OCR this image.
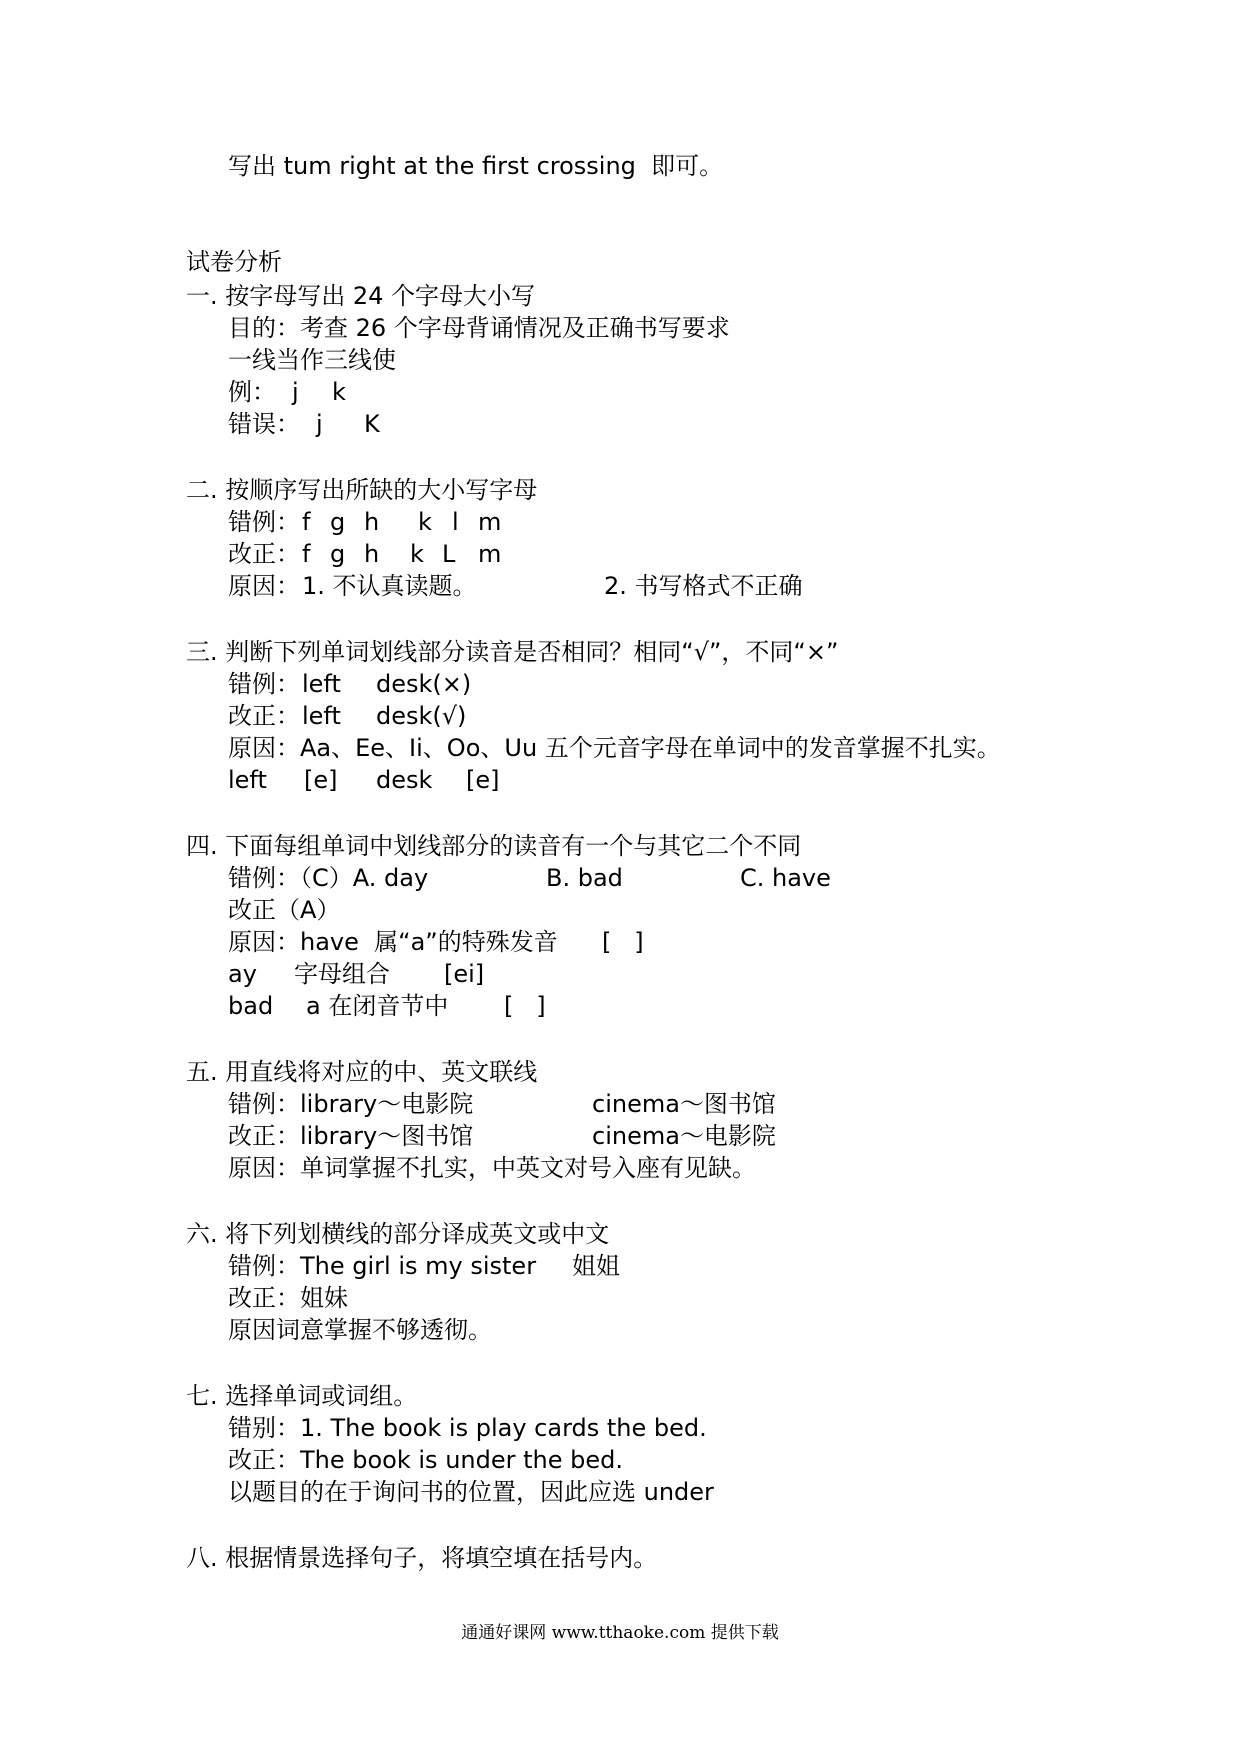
写出 tum right at the first crossing  即可。
试卷分析
一. 按字母写出 24 个字母大小写
目的：考查 26 个字母背诵情况及正确书写要求
一线当作三线使
例： j k
错误： j K
二. 按顺序写出所缺的大小写字母
错例： f g h k l m
改正： f g h k L m
原因： 1. 不认真读题。	2. 书写格式不正确
三. 判断下列单词划线部分读音是否相同？相同“√”，不同“×”
错例： left desk(×)
改正： left desk(√)
原因：Aa、Ee、Ii、Oo、Uu 五个元音字母在单词中的发音掌握不扎实。
left [e] desk [e]
四. 下面每组单词中划线部分的读音有一个与其它二个不同
错例：（C）A. day	B. bad	C. have
改正（A）
原因：have  属“a”的特殊发音 [   ]
ay 字母组合 [ei]
bad a 在闭音节中 [   ]
五. 用直线将对应的中、英文联线
错例：library～电影院	cinema～图书馆
改正：library～图书馆	cinema～电影院
原因：单词掌握不扎实，中英文对号入座有见缺。
六. 将下列划横线的部分译成英文或中文
错例：The girl is my sister 姐姐
改正：姐妹
原因词意掌握不够透彻。
七. 选择单词或词组。
错别：1. The book is play cards the bed.
改正：The book is under the bed.
以题目的在于询问书的位置，因此应选 under
八. 根据情景选择句子，将填空填在括号内。
通通好课网 www.tthaoke.com 提供下载
